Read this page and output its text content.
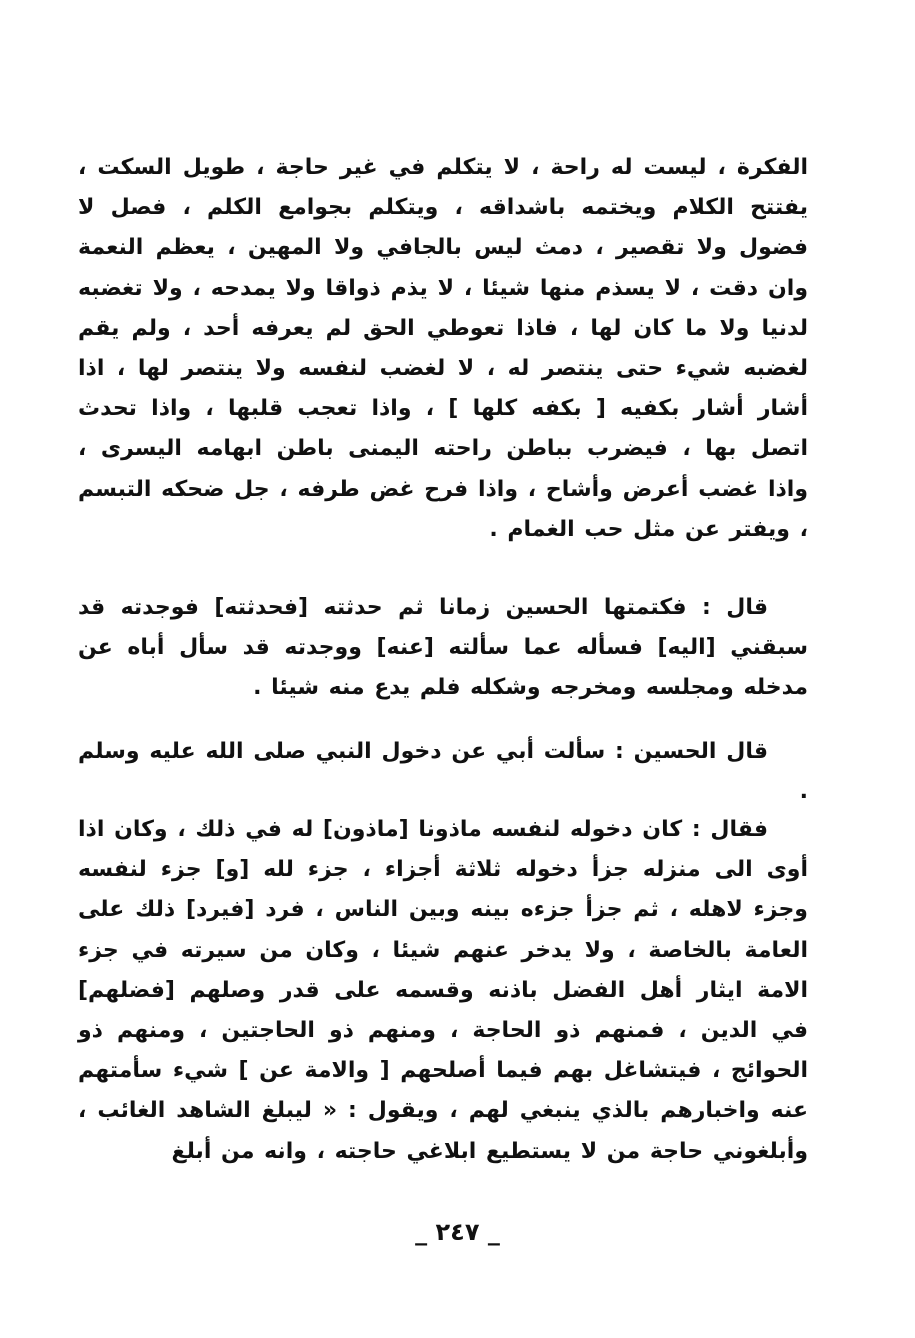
الفكرة ، ليست له راحة ، لا يتكلم في غير حاجة ، طويل السكت ، يفتتح الكلام ويختمه باشداقه ، ويتكلم بجوامع الكلم ، فصل لا فضول ولا تقصير ، دمث ليس بالجافي ولا المهين ، يعظم النعمة وان دقت ، لا يسذم منها شيئا ، لا يذم ذواقا ولا يمدحه ، ولا تغضبه لدنيا ولا ما كان لها ، فاذا تعوطي الحق لم يعرفه أحد ، ولم يقم لغضبه شيء حتى ينتصر له ، لا لغضب لنفسه ولا ينتصر لها ، اذا أشار أشار بكفيه [ بكفه كلها ] ، واذا تعجب قلبها ، واذا تحدث اتصل بها ، فيضرب بباطن راحته اليمنى باطن ابهامه اليسرى ، واذا غضب أعرض وأشاح ، واذا فرح غض طرفه ، جل ضحكه التبسم ، ويفتر عن مثل حب الغمام .

قال : فكتمتها الحسين زمانا ثم حدثته [فحدثته] فوجدته قد سبقني [اليه] فسأله عما سألته [عنه] ووجدته قد سأل أباه عن مدخله ومجلسه ومخرجه وشكله فلم يدع منه شيئا .

قال الحسين : سألت أبي عن دخول النبي صلى الله عليه وسلم .

فقال : كان دخوله لنفسه ماذونا [ماذون] له في ذلك ، وكان اذا أوى الى منزله جزأ دخوله ثلاثة أجزاء ، جزء لله [و] جزء لنفسه وجزء لاهله ، ثم جزأ جزءه بينه وبين الناس ، فرد [فيرد] ذلك على العامة بالخاصة ، ولا يدخر عنهم شيئا ، وكان من سيرته في جزء الامة ايثار أهل الفضل باذنه وقسمه على قدر وصلهم [فضلهم] في الدين ، فمنهم ذو الحاجة ، ومنهم ذو الحاجتين ، ومنهم ذو الحوائج ، فيتشاغل بهم فيما أصلحهم [ والامة عن ] شيء سأمتهم عنه واخبارهم بالذي ينبغي لهم ، ويقول : « ليبلغ الشاهد الغائب ، وأبلغوني حاجة من لا يستطيع ابلاغي حاجته ، وانه من أبلغ

_ ٢٤٧ _
